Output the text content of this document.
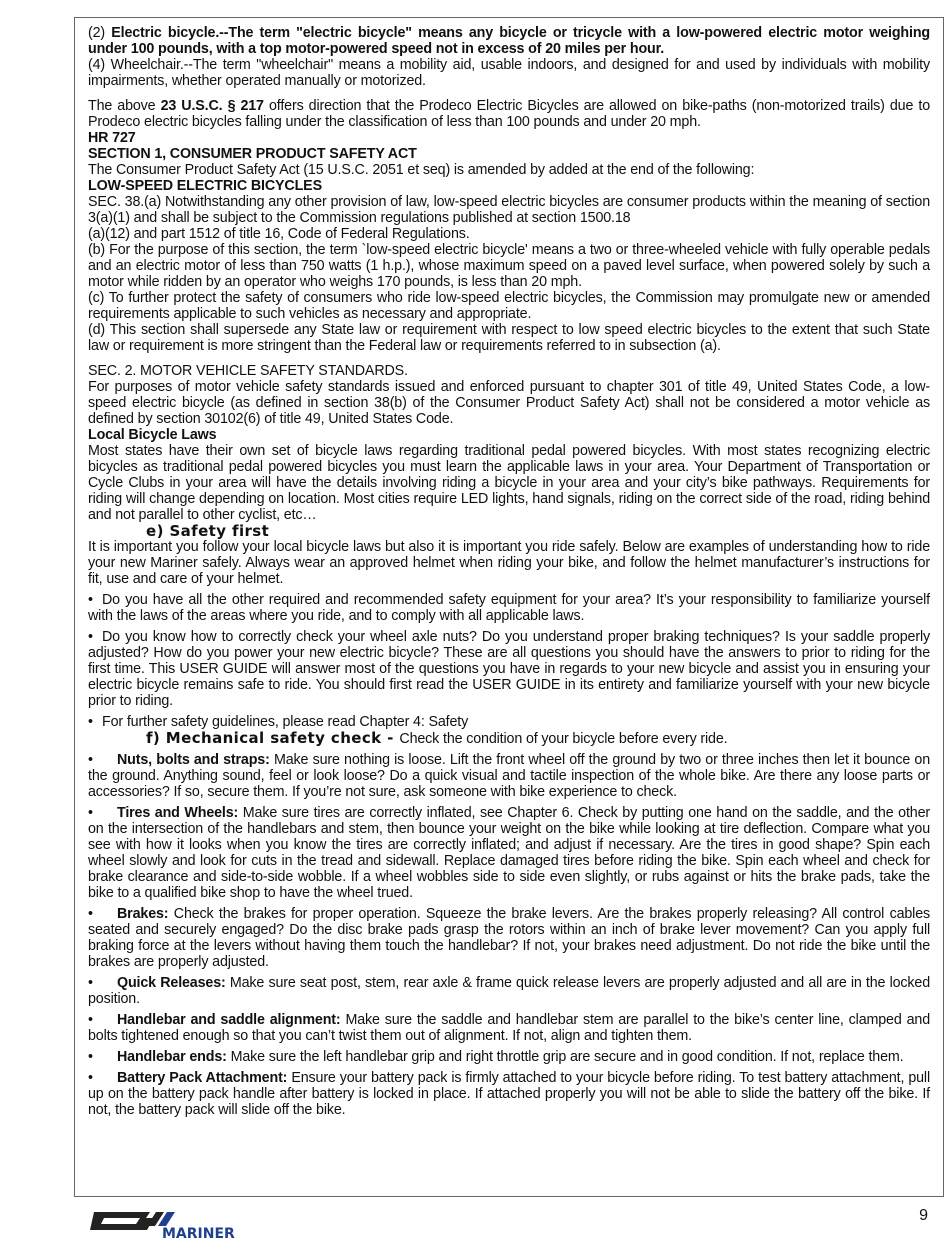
(2) Electric bicycle.--The term "electric bicycle" means any bicycle or tricycle with a low-powered electric motor weighing under 100 pounds, with a top motor-powered speed not in excess of 20 miles per hour.

(4) Wheelchair.--The term "wheelchair" means a mobility aid, usable indoors, and designed for and used by individuals with mobility impairments, whether operated manually or motorized.

The above 23 U.S.C. § 217 offers direction that the Prodeco Electric Bicycles are allowed on bike-paths (non-motorized trails) due to Prodeco electric bicycles falling under the classification of less than 100 pounds and under 20 mph.

HR 727

SECTION 1, CONSUMER PRODUCT SAFETY ACT

The Consumer Product Safety Act (15 U.S.C. 2051 et seq) is amended by added at the end of the following:

LOW-SPEED ELECTRIC BICYCLES

SEC. 38.(a) Notwithstanding any other provision of law, low-speed electric bicycles are consumer products within the meaning of section 3(a)(1) and shall be subject to the Commission regulations published at section 1500.18

(a)(12) and part 1512 of title 16, Code of Federal Regulations.

(b) For the purpose of this section, the term `low-speed electric bicycle' means a two or three-wheeled vehicle with fully operable pedals and an electric motor of less than 750 watts (1 h.p.), whose maximum speed on a paved level surface, when powered solely by such a motor while ridden by an operator who weighs 170 pounds, is less than 20 mph.

(c) To further protect the safety of consumers who ride low-speed electric bicycles, the Commission may promulgate new or amended requirements applicable to such vehicles as necessary and appropriate.

(d) This section shall supersede any State law or requirement with respect to low speed electric bicycles to the extent that such State law or requirement is more stringent than the Federal law or requirements referred to in subsection (a).

SEC. 2. MOTOR VEHICLE SAFETY STANDARDS.

For purposes of motor vehicle safety standards issued and enforced pursuant to chapter 301 of title 49, United States Code, a low-speed electric bicycle (as defined in section 38(b) of the Consumer Product Safety Act) shall not be considered a motor vehicle as defined by section 30102(6) of title 49, United States Code.

Local Bicycle Laws

Most states have their own set of bicycle laws regarding traditional pedal powered bicycles. With most states recognizing electric bicycles as traditional pedal powered bicycles you must learn the applicable laws in your area. Your Department of Transportation or Cycle Clubs in your area will have the details involving riding a bicycle in your area and your city’s bike pathways. Requirements for riding will change depending on location. Most cities require LED lights, hand signals, riding on the correct side of the road, riding behind and not parallel to other cyclist, etc…

e) Safety first

It is important you follow your local bicycle laws but also it is important you ride safely. Below are examples of understanding how to ride your new Mariner safely. Always wear an approved helmet when riding your bike, and follow the helmet manufacturer’s instructions for fit, use and care of your helmet.

• Do you have all the other required and recommended safety equipment for your area? It’s your responsibility to familiarize yourself with the laws of the areas where you ride, and to comply with all applicable laws.

• Do you know how to correctly check your wheel axle nuts? Do you understand proper braking techniques? Is your saddle properly adjusted? How do you power your new electric bicycle? These are all questions you should have the answers to prior to riding for the first time. This USER GUIDE will answer most of the questions you have in regards to your new bicycle and assist you in ensuring your electric bicycle remains safe to ride. You should first read the USER GUIDE in its entirety and familiarize yourself with your new bicycle prior to riding.

• For further safety guidelines, please read Chapter 4: Safety

f) Mechanical safety check - Check the condition of your bicycle before every ride.

• Nuts, bolts and straps: Make sure nothing is loose. Lift the front wheel off the ground by two or three inches then let it bounce on the ground. Anything sound, feel or look loose? Do a quick visual and tactile inspection of the whole bike. Are there any loose parts or accessories? If so, secure them. If you’re not sure, ask someone with bike experience to check.

• Tires and Wheels: Make sure tires are correctly inflated, see Chapter 6. Check by putting one hand on the saddle, and the other on the intersection of the handlebars and stem, then bounce your weight on the bike while looking at tire deflection. Compare what you see with how it looks when you know the tires are correctly inflated; and adjust if necessary. Are the tires in good shape? Spin each wheel slowly and look for cuts in the tread and sidewall. Replace damaged tires before riding the bike. Spin each wheel and check for brake clearance and side-to-side wobble. If a wheel wobbles side to side even slightly, or rubs against or hits the brake pads, take the bike to a qualified bike shop to have the wheel trued.

• Brakes: Check the brakes for proper operation. Squeeze the brake levers. Are the brakes properly releasing? All control cables seated and securely engaged? Do the disc brake pads grasp the rotors within an inch of brake lever movement? Can you apply full braking force at the levers without having them touch the handlebar? If not, your brakes need adjustment. Do not ride the bike until the brakes are properly adjusted.

• Quick Releases: Make sure seat post, stem, rear axle & frame quick release levers are properly adjusted and all are in the locked position.

• Handlebar and saddle alignment: Make sure the saddle and handlebar stem are parallel to the bike’s center line, clamped and bolts tightened enough so that you can’t twist them out of alignment. If not, align and tighten them.

• Handlebar ends: Make sure the left handlebar grip and right throttle grip are secure and in good condition. If not, replace them.

• Battery Pack Attachment: Ensure your battery pack is firmly attached to your bicycle before riding. To test battery attachment, pull up on the battery pack handle after battery is locked in place. If attached properly you will not be able to slide the battery off the bike. If not, the battery pack will slide off the bike.

MARINER
9
